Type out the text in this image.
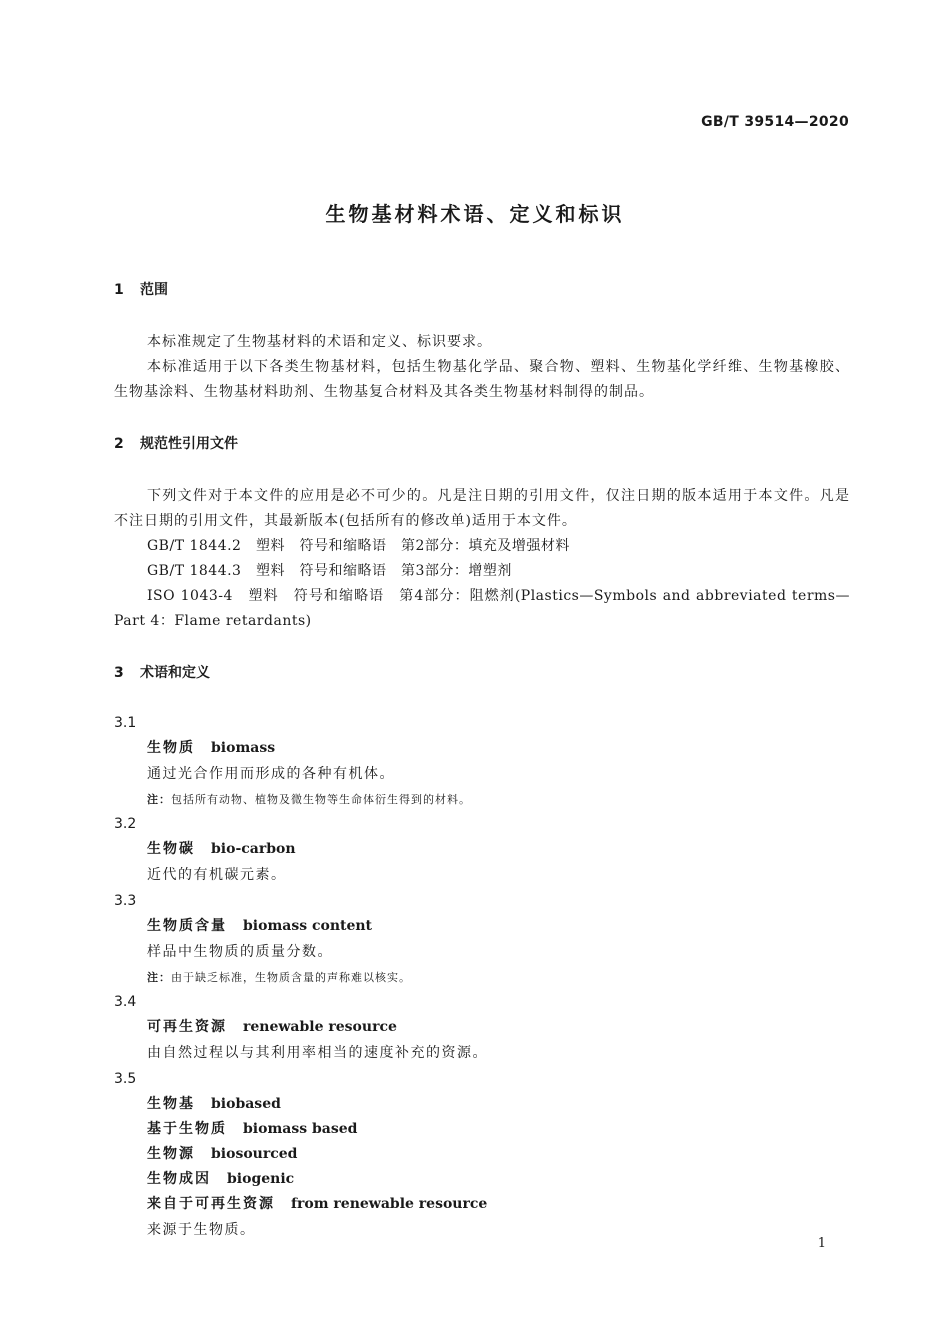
GB/T 39514—2020
生物基材料术语、定义和标识
1 范围

本标准规定了生物基材料的术语和定义、标识要求。

本标准适用于以下各类生物基材料，包括生物基化学品、聚合物、塑料、生物基化学纤维、生物基橡胶、生物基涂料、生物基材料助剂、生物基复合材料及其各类生物基材料制得的制品。

2 规范性引用文件

下列文件对于本文件的应用是必不可少的。凡是注日期的引用文件，仅注日期的版本适用于本文件。凡是不注日期的引用文件，其最新版本(包括所有的修改单)适用于本文件。

GB/T 1844.2　塑料　符号和缩略语　第2部分：填充及增强材料

GB/T 1844.3　塑料　符号和缩略语　第3部分：增塑剂

ISO 1043-4　塑料　符号和缩略语　第4部分：阻燃剂(Plastics—Symbols and abbreviated terms—Part 4：Flame retardants)

3 术语和定义

3.1

生物质 biomass

通过光合作用而形成的各种有机体。

注：包括所有动物、植物及微生物等生命体衍生得到的材料。

3.2

生物碳 bio-carbon

近代的有机碳元素。

3.3

生物质含量 biomass content

样品中生物质的质量分数。

注：由于缺乏标准，生物质含量的声称难以核实。

3.4

可再生资源 renewable resource

由自然过程以与其利用率相当的速度补充的资源。

3.5

生物基 biobased

基于生物质 biomass based

生物源 biosourced

生物成因 biogenic

来自于可再生资源 from renewable resource

来源于生物质。

1
